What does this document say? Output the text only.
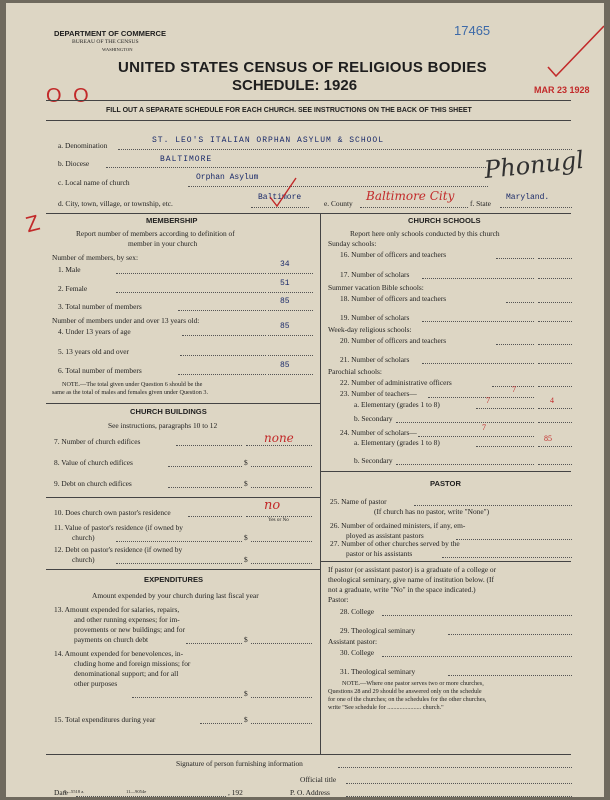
DEPARTMENT OF COMMERCE
BUREAU OF THE CENSUS
WASHINGTON
17465
UNITED STATES CENSUS OF RELIGIOUS BODIES
SCHEDULE: 1926
O O	MAR 23 1928
FILL OUT A SEPARATE SCHEDULE FOR EACH CHURCH. SEE INSTRUCTIONS ON THE BACK OF THIS SHEET
a. Denomination
ST. LEO'S ITALIAN ORPHAN ASYLUM & SCHOOL
b. Diocese	BALTIMORE	Phonugl
c. Local name of church
Orphan Asylum
d. City, town, village, or township, etc.
Baltimore
e. County
Baltimore City
f. State
Maryland.
Z	MEMBERSHIP
Report number of members according to definition of
member in your church
Number of members, by sex:
1. Male
34
2. Female
51
3. Total number of members
85
Number of members under and over 13 years old:
4. Under 13 years of age
85
5. 13 years old and over
6. Total number of members
85
NOTE.—The total given under Question 6 should be the
same as the total of males and females given under Question 3.
CHURCH BUILDINGS
See instructions, paragraphs 10 to 12
7. Number of church edifices	none
8. Value of church edifices	$
9. Debt on church edifices	$
10. Does church own pastor's residence	no
Yes or No
11. Value of pastor's residence (if owned by
church)	$
12. Debt on pastor's residence (if owned by
church)	$
EXPENDITURES
Amount expended by your church during last fiscal year
13. Amount expended for salaries, repairs,
and other running expenses; for im-
provements or new buildings; and for
payments on church debt	$
14. Amount expended for benevolences, in-
cluding home and foreign missions; for
denominational support; and for all
other purposes
$
15. Total expenditures during year	$
CHURCH SCHOOLS
Report here only schools conducted by this church
Sunday schools:
16. Number of officers and teachers
17. Number of scholars
Summer vacation Bible schools:
18. Number of officers and teachers
19. Number of scholars
Week-day religious schools:
20. Number of officers and teachers
21. Number of scholars
Parochial schools:
22. Number of administrative officers
23. Number of teachers—	7
a. Elementary (grades 1 to 8)	7	4
b. Secondary
24. Number of scholars—
7
a. Elementary (grades 1 to 8)	85
b. Secondary
PASTOR
25. Name of pastor
(If church has no pastor, write "None")
26. Number of ordained ministers, if any, em-
ployed as assistant pastors
27. Number of other churches served by the
pastor or his assistants
If pastor (or assistant pastor) is a graduate of a college or
theological seminary, give name of institution below. (If
not a graduate, write "No" in the space indicated.)
Pastor:
28. College
29. Theological seminary
Assistant pastor:
30. College
31. Theological seminary
NOTE.—Where one pastor serves two or more churches,
Questions 28 and 29 should be answered only on the schedule
for one of the churches; on the schedules for the other churches,
write "See schedule for ...................... church."
Signature of person furnishing information
Official title
Date	, 192	P. O. Address
8—5518 a.	11—9054e
